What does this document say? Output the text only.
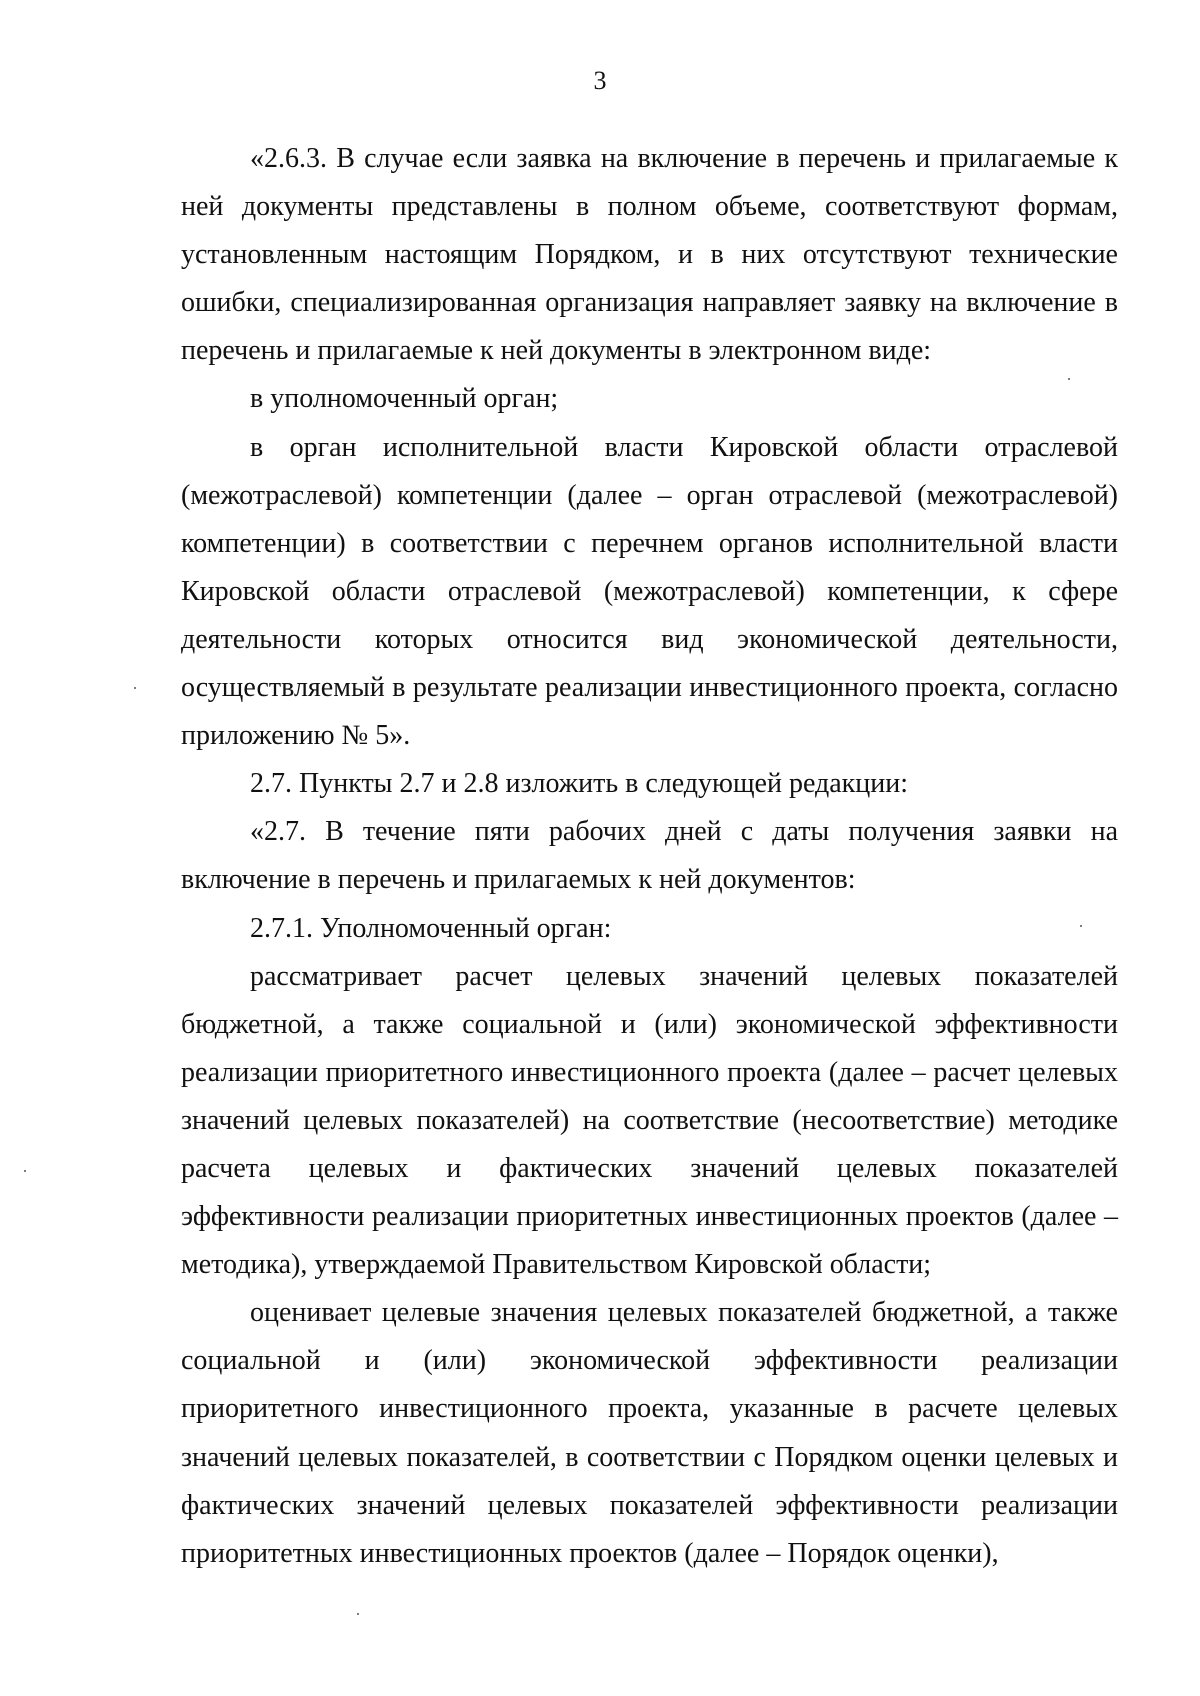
3

«2.6.3. В случае если заявка на включение в перечень и прилагаемые к ней документы представлены в полном объеме, соответствуют формам, установленным настоящим Порядком, и в них отсутствуют технические ошибки, специализированная организация направляет заявку на включение в перечень и прилагаемые к ней документы в электронном виде:

в уполномоченный орган;

в орган исполнительной власти Кировской области отраслевой (межотраслевой) компетенции (далее – орган отраслевой (межотраслевой) компетенции) в соответствии с перечнем органов исполнительной власти Кировской области отраслевой (межотраслевой) компетенции, к сфере деятельности которых относится вид экономической деятельности, осуществляемый в результате реализации инвестиционного проекта, согласно приложению № 5».

2.7. Пункты 2.7 и 2.8 изложить в следующей редакции:

«2.7. В течение пяти рабочих дней с даты получения заявки на включение в перечень и прилагаемых к ней документов:

2.7.1. Уполномоченный орган:

рассматривает расчет целевых значений целевых показателей бюджетной, а также социальной и (или) экономической эффективности реализации приоритетного инвестиционного проекта (далее – расчет целевых значений целевых показателей) на соответствие (несоответствие) методике расчета целевых и фактических значений целевых показателей эффективности реализации приоритетных инвестиционных проектов (далее – методика), утверждаемой Правительством Кировской области;

оценивает целевые значения целевых показателей бюджетной, а также социальной и (или) экономической эффективности реализации приоритетного инвестиционного проекта, указанные в расчете целевых значений целевых показателей, в соответствии с Порядком оценки целевых и фактических значений целевых показателей эффективности реализации приоритетных инвестиционных проектов (далее – Порядок оценки),
